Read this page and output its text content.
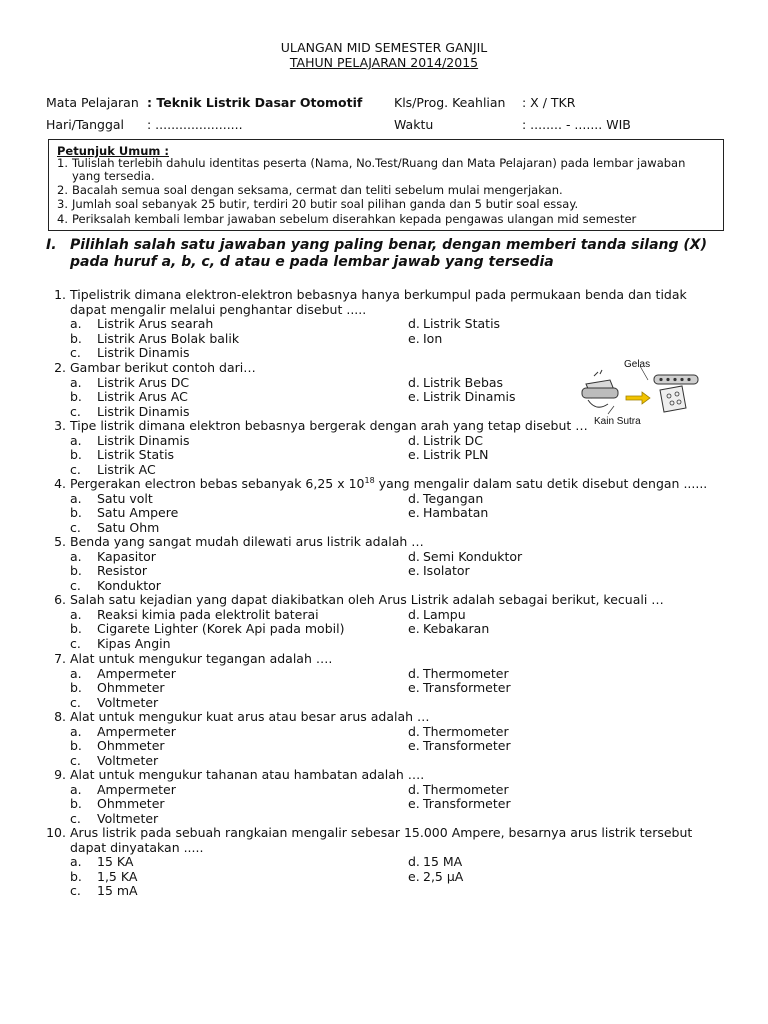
ULANGAN MID SEMESTER GANJIL
TAHUN PELAJARAN 2014/2015
Mata Pelajaran : Teknik Listrik Dasar Otomotif	Kls/Prog. Keahlian : X / TKR
Hari/Tanggal : ......................	Waktu	: ........ - ....... WIB
Petunjuk Umum :
1. Tulislah terlebih dahulu identitas peserta (Nama, No.Test/Ruang dan Mata Pelajaran) pada lembar jawaban yang tersedia.
2. Bacalah semua soal dengan seksama, cermat dan teliti sebelum mulai mengerjakan.
3. Jumlah soal sebanyak 25 butir, terdiri 20 butir soal pilihan ganda dan 5 butir soal essay.
4. Periksalah kembali lembar jawaban sebelum diserahkan kepada pengawas ulangan mid semester
I. Pilihlah salah satu jawaban yang paling benar, dengan memberi tanda silang (X) pada huruf a, b, c, d atau e pada lembar jawab yang tersedia
1. Tipelistrik dimana elektron-elektron bebasnya hanya berkumpul pada permukaan benda dan tidak dapat mengalir melalui penghantar disebut .....
a. Listrik Arus searah
b. Listrik Arus Bolak balik
c. Listrik Dinamis
d. Listrik Statis
e. Ion
2. Gambar berikut contoh dari…
a. Listrik Arus DC
b. Listrik Arus AC
c. Listrik Dinamis
d. Listrik Bebas
e. Listrik Dinamis
3. Tipe listrik dimana elektron bebasnya bergerak dengan arah yang tetap disebut …
a. Listrik Dinamis
b. Listrik Statis
c. Listrik AC
d. Listrik DC
e. Listrik PLN
4. Pergerakan electron bebas sebanyak 6,25 x $10^{18}$ yang mengalir dalam satu detik disebut dengan ......
a. Satu volt
b. Satu Ampere
c. Satu Ohm
d. Tegangan
e. Hambatan
5. Benda yang sangat mudah dilewati arus listrik adalah …
a. Kapasitor
b. Resistor
c. Konduktor
d. Semi Konduktor
e. Isolator
6. Salah satu kejadian yang dapat diakibatkan oleh Arus Listrik adalah sebagai berikut, kecuali …
a. Reaksi kimia pada elektrolit baterai
b. Cigarete Lighter (Korek Api pada mobil)
c. Kipas Angin
d. Lampu
e. Kebakaran
7. Alat untuk mengukur tegangan adalah ….
a. Ampermeter
b. Ohmmeter
c. Voltmeter
d. Thermometer
e. Transformeter
8. Alat untuk mengukur kuat arus atau besar arus adalah …
a. Ampermeter
b. Ohmmeter
c. Voltmeter
d. Thermometer
e. Transformeter
9. Alat untuk mengukur tahanan atau hambatan adalah ….
a. Ampermeter
b. Ohmmeter
c. Voltmeter
d. Thermometer
e. Transformeter
10. Arus listrik pada sebuah rangkaian mengalir sebesar 15.000 Ampere, besarnya arus listrik tersebut dapat dinyatakan .....
a. 15 KA
b. 1,5 KA
c. 15 mA
d. 15 MA
e. 2,5 µA
Gelas
Kain Sutra
